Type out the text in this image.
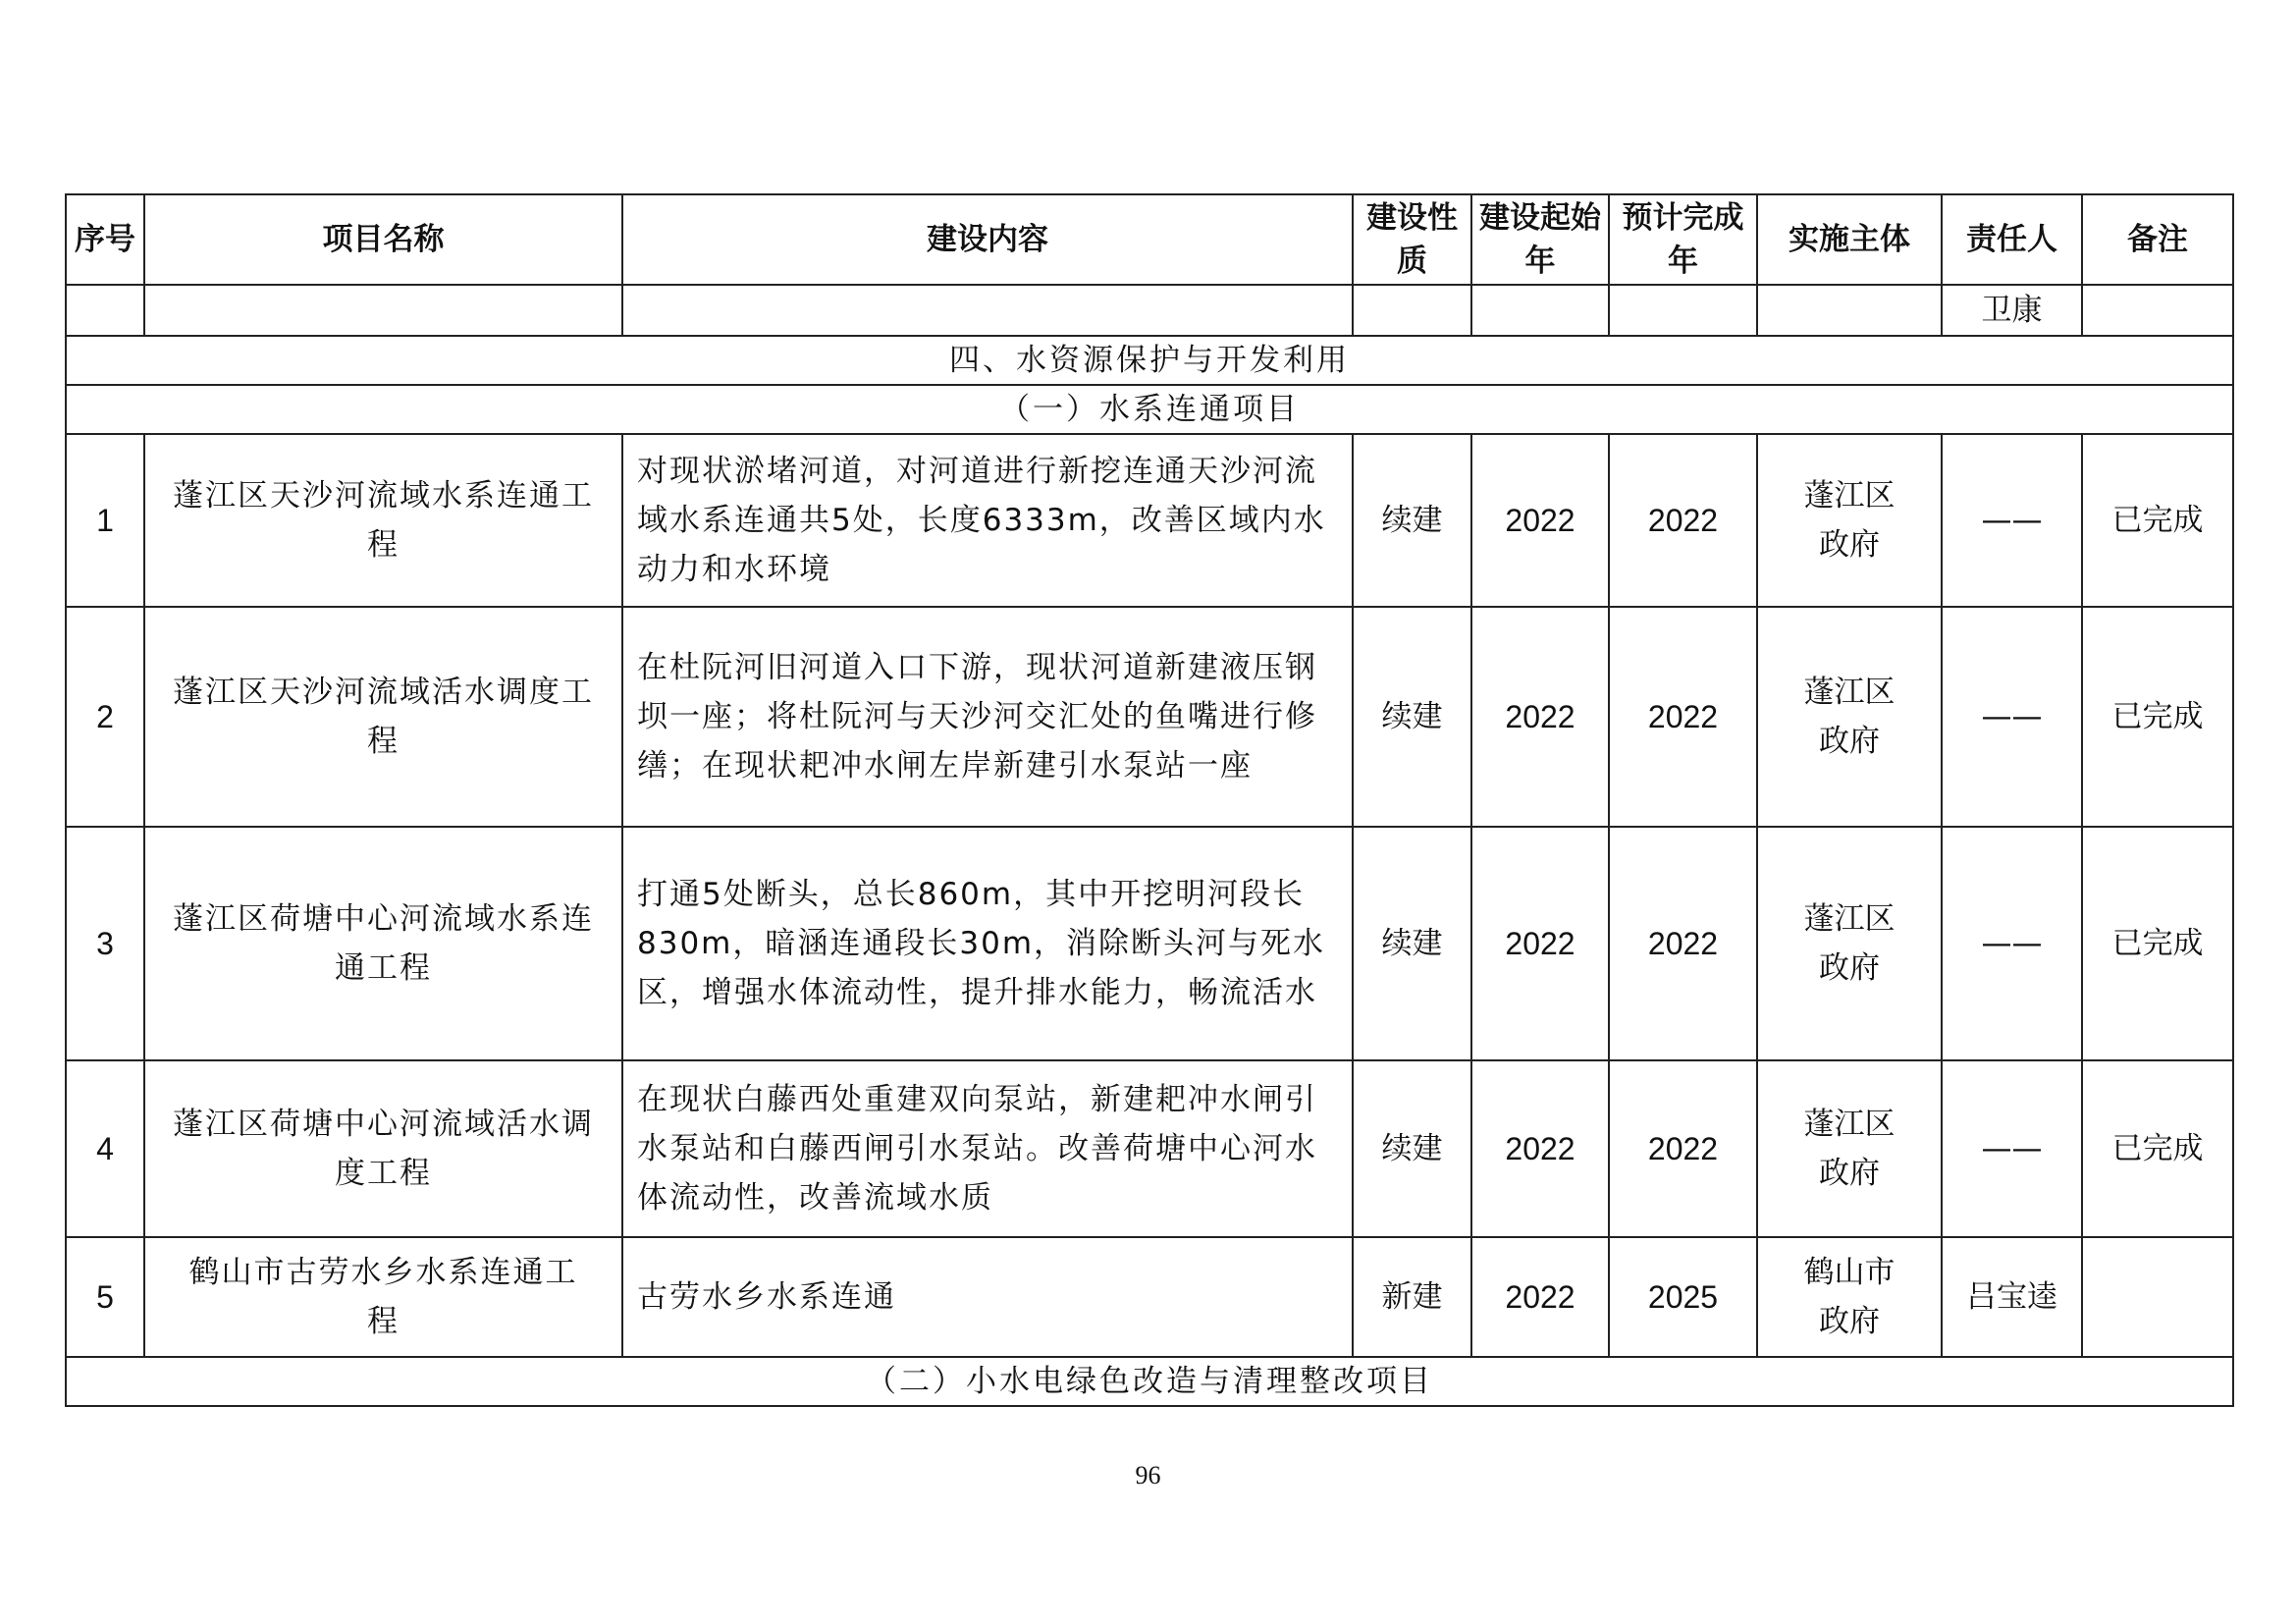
序号	项目名称	建设内容	建设性质	建设起始年	预计完成年	实施主体	责任人	备注
							卫康	
四、水资源保护与开发利用								
（一）水系连通项目								
1	蓬江区天沙河流域水系连通工程	对现状淤堵河道，对河道进行新挖连通天沙河流域水系连通共5处，长度6333m，改善区域内水动力和水环境	续建	2022	2022	蓬江区政府	——	已完成
2	蓬江区天沙河流域活水调度工程	在杜阮河旧河道入口下游，现状河道新建液压钢坝一座；将杜阮河与天沙河交汇处的鱼嘴进行修缮；在现状耙冲水闸左岸新建引水泵站一座	续建	2022	2022	蓬江区政府	——	已完成
3	蓬江区荷塘中心河流域水系连通工程	打通5处断头，总长860m，其中开挖明河段长830m，暗涵连通段长30m，消除断头河与死水区，增强水体流动性，提升排水能力，畅流活水	续建	2022	2022	蓬江区政府	——	已完成
4	蓬江区荷塘中心河流域活水调度工程	在现状白藤西处重建双向泵站，新建耙冲水闸引水泵站和白藤西闸引水泵站。改善荷塘中心河水体流动性，改善流域水质	续建	2022	2022	蓬江区政府	——	已完成
5	鹤山市古劳水乡水系连通工程	古劳水乡水系连通	新建	2022	2025	鹤山市政府	吕宝逵	
（二）小水电绿色改造与清理整改项目								
96
